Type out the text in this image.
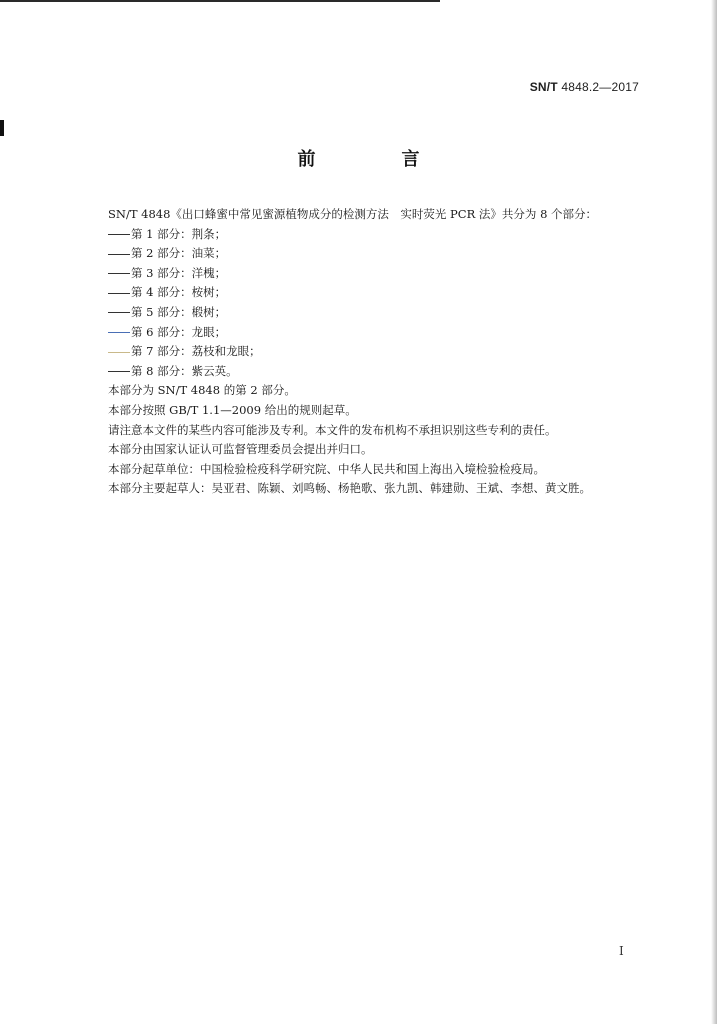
SN/T 4848.2—2017
前　言
SN/T 4848《出口蜂蜜中常见蜜源植物成分的检测方法　实时荧光 PCR 法》共分为 8 个部分：
第 1 部分：荆条；
第 2 部分：油菜；
第 3 部分：洋槐；
第 4 部分：桉树；
第 5 部分：椴树；
第 6 部分：龙眼；
第 7 部分：荔枝和龙眼；
第 8 部分：紫云英。
本部分为 SN/T 4848 的第 2 部分。
本部分按照 GB/T 1.1—2009 给出的规则起草。
请注意本文件的某些内容可能涉及专利。本文件的发布机构不承担识别这些专利的责任。
本部分由国家认证认可监督管理委员会提出并归口。
本部分起草单位：中国检验检疫科学研究院、中华人民共和国上海出入境检验检疫局。
本部分主要起草人：吴亚君、陈颖、刘鸣畅、杨艳歌、张九凯、韩建勋、王斌、李想、黄文胜。
I
